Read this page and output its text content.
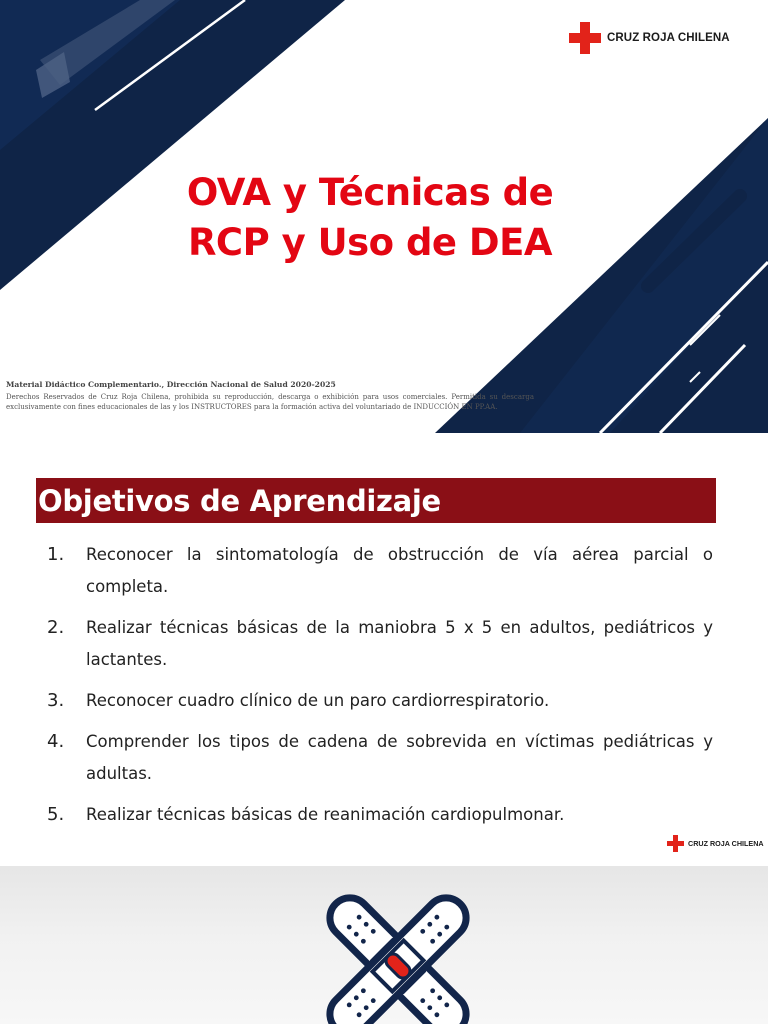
CRUZ ROJA CHILENA
OVA y Técnicas de
RCP y Uso de DEA
Material Didáctico Complementario., Dirección Nacional de Salud 2020-2025
Derechos Reservados de Cruz Roja Chilena, prohibida su reproducción, descarga o exhibición para usos comerciales. Permitida su descarga exclusivamente con fines educacionales de las y los INSTRUCTORES para la formación activa del voluntariado de INDUCCIÓN EN PP.AA.
Objetivos de Aprendizaje
1. Reconocer la sintomatología de obstrucción de vía aérea parcial o completa.
2. Realizar técnicas básicas de la maniobra 5 x 5 en adultos, pediátricos y lactantes.
3. Reconocer cuadro clínico de un paro cardiorrespiratorio.
4. Comprender los tipos de cadena de sobrevida en víctimas pediátricas y adultas.
5. Realizar técnicas básicas de reanimación cardiopulmonar.
CRUZ ROJA CHILENA
